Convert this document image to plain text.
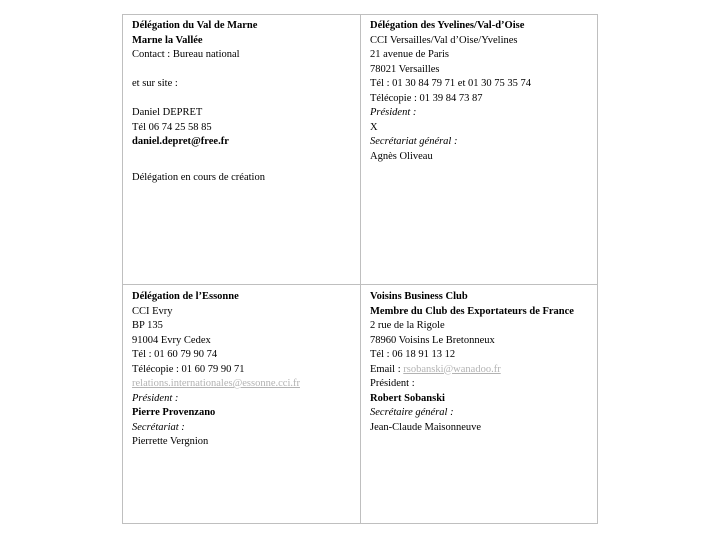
Délégation du Val de Marne
Marne la Vallée
Contact : Bureau national
et sur site :
Daniel DEPRET
Tél 06 74 25 58 85
daniel.depret@free.fr
Délégation en cours de création
Délégation des Yvelines/Val-d’Oise
CCI Versailles/Val d’Oise/Yvelines
21 avenue de Paris
78021 Versailles
Tél : 01 30 84 79 71 et 01 30 75 35 74
Télécopie : 01 39 84 73 87
Président :
X
Secrétariat général :
Agnès Oliveau
Délégation de l’Essonne
CCI Evry
BP 135
91004 Evry Cedex
Tél : 01 60 79 90 74
Télécopie : 01 60 79 90 71
relations.internationales@essonne.cci.fr
Président :
Pierre Provenzano
Secrétariat :
Pierrette Vergnion
Voisins Business Club
Membre du Club des Exportateurs de France
2 rue de la Rigole
78960 Voisins Le Bretonneux
Tél : 06 18 91 13 12
Email : rsobanski@wanadoo.fr
Président :
Robert Sobanski
Secrétaire général :
Jean-Claude Maisonneuve
